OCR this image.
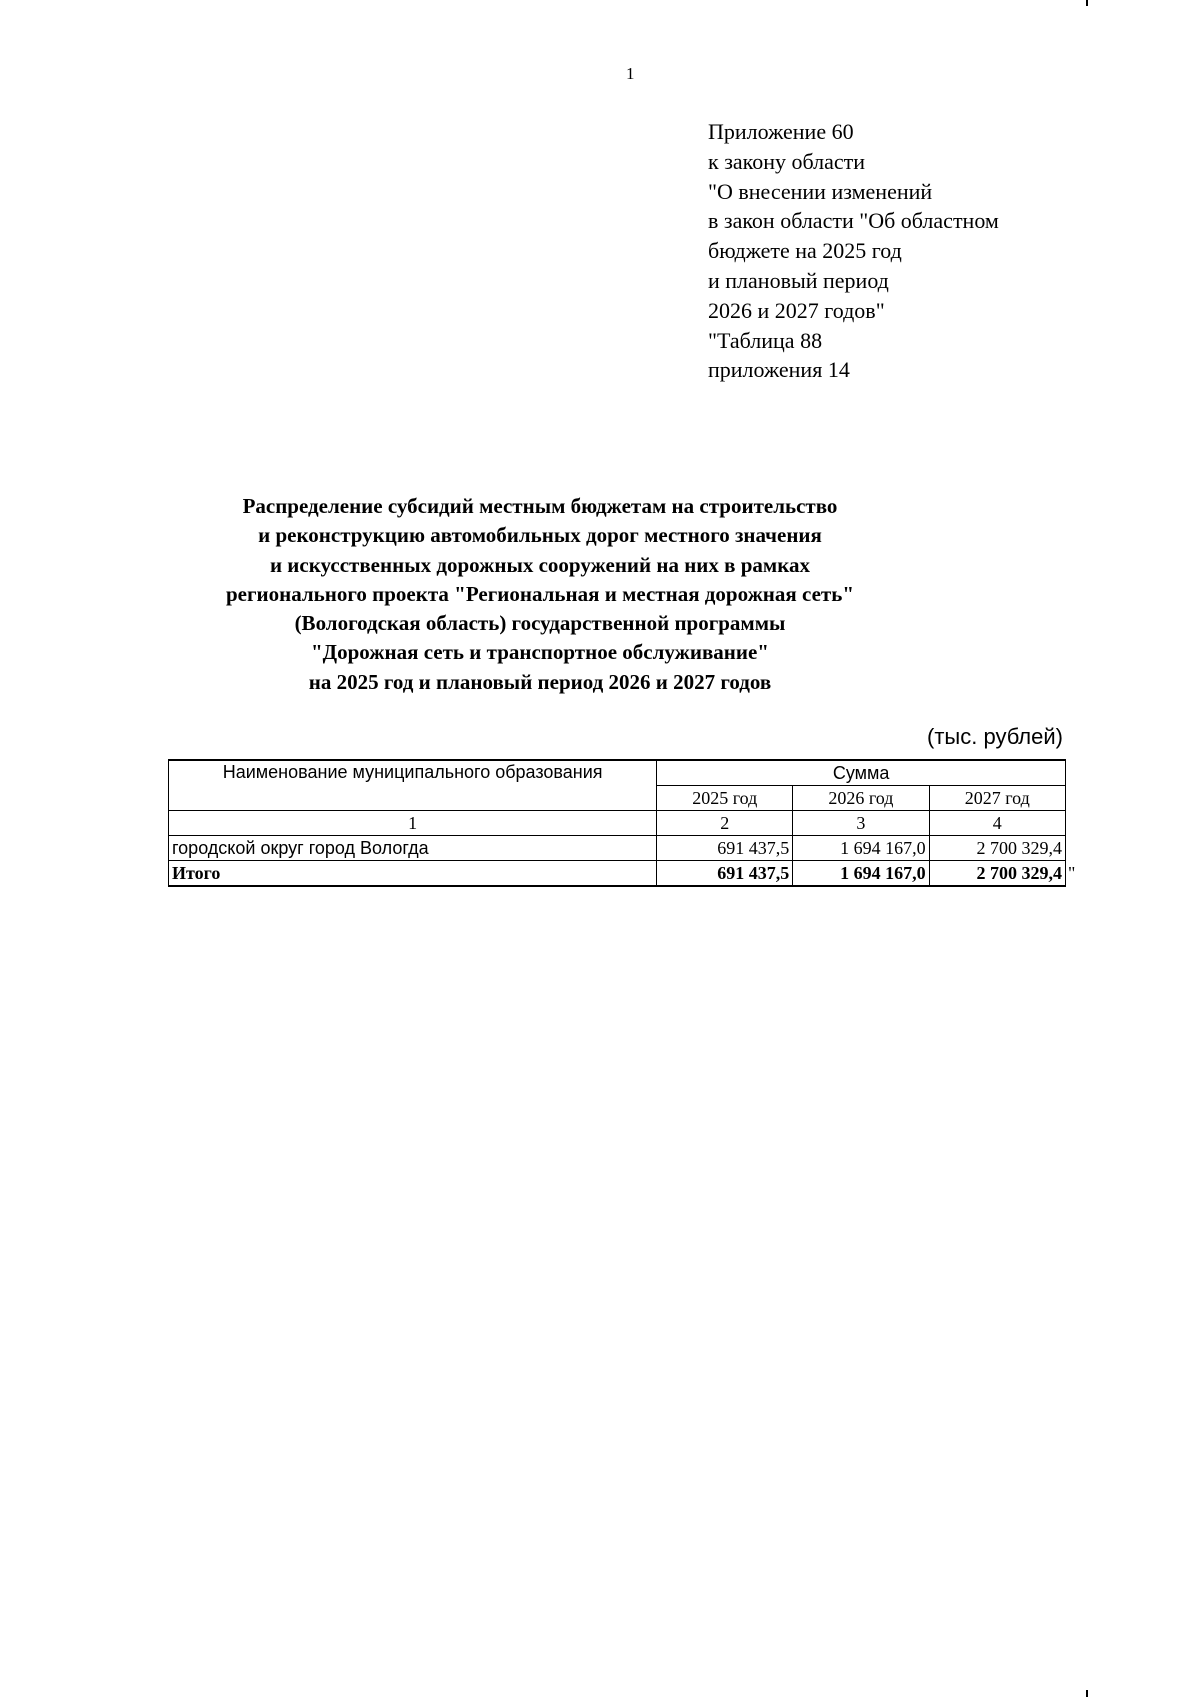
1
Приложение 60
к закону области
"О внесении изменений
в закон области "Об областном
бюджете на 2025 год
и плановый период
2026 и 2027 годов"
"Таблица 88
приложения 14
Распределение субсидий местным бюджетам на строительство
и реконструкцию автомобильных дорог местного значения
и искусственных дорожных сооружений на них в рамках
регионального проекта "Региональная и местная дорожная сеть"
(Вологодская область) государственной программы
"Дорожная сеть и транспортное обслуживание"
на 2025 год и плановый период 2026 и 2027 годов
(тыс. рублей)
Наименование муниципального образования	Сумма		
	2025 год	2026 год	2027 год
1	2	3	4
городской округ город Вологда	691 437,5	1 694 167,0	2 700 329,4
Итого	691 437,5	1 694 167,0	2 700 329,4 "
